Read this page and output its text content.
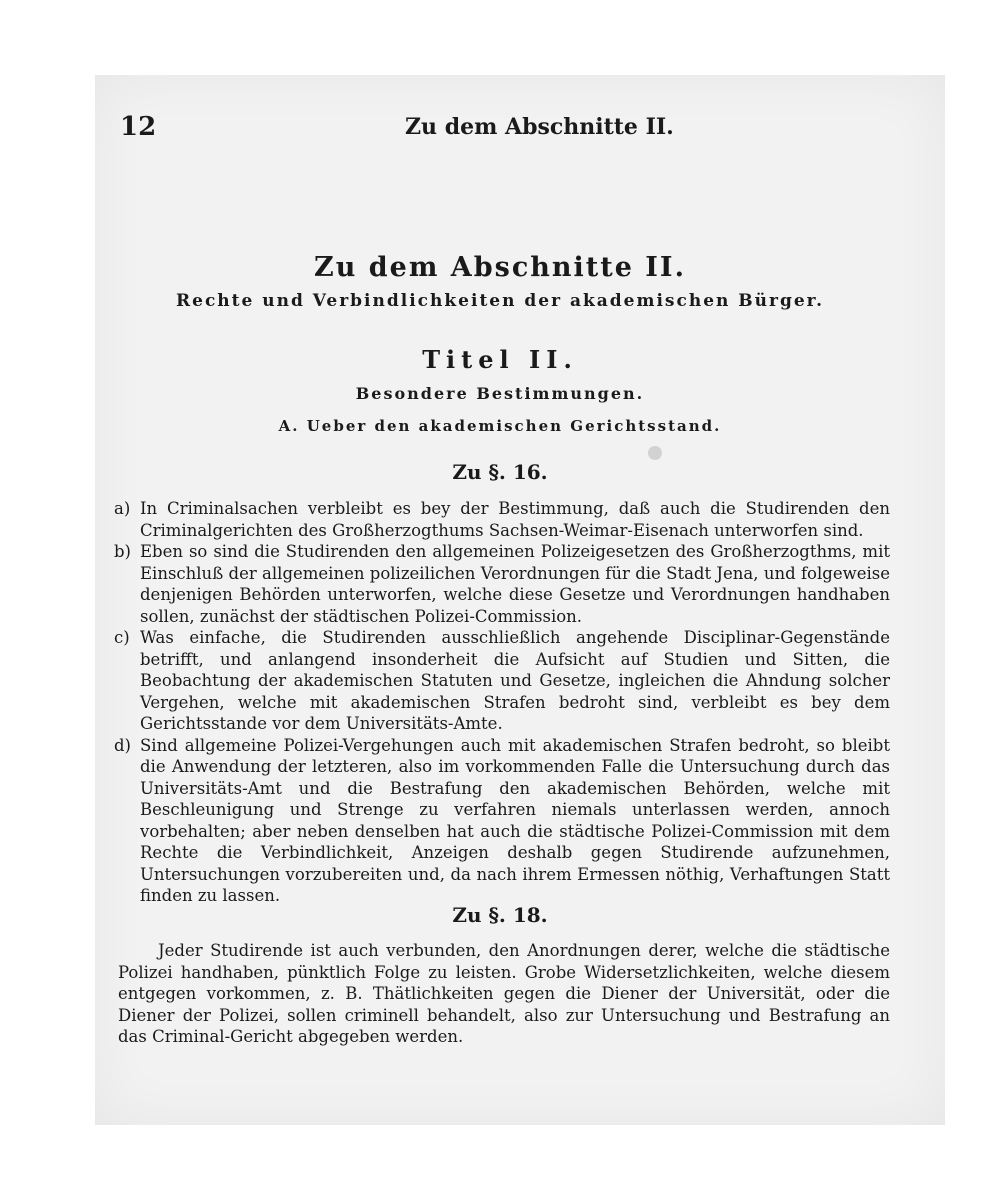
12	Zu dem Abschnitte II.
Zu dem Abschnitte II.
Rechte und Verbindlichkeiten der akademischen Bürger.
Titel II.
Besondere Bestimmungen.
A. Ueber den akademischen Gerichtsstand.
Zu §. 16.

a) In Criminalsachen verbleibt es bey der Bestimmung, daß auch die Studirenden den Criminalgerichten des Großherzogthums Sachsen-Weimar-Eisenach unterworfen sind.

b) Eben so sind die Studirenden den allgemeinen Polizeigesetzen des Großherzogthms, mit Einschluß der allgemeinen polizeilichen Verordnungen für die Stadt Jena, und folgeweise denjenigen Behörden unterworfen, welche diese Gesetze und Verordnungen handhaben sollen, zunächst der städtischen Polizei-Commission.

c) Was einfache, die Studirenden ausschließlich angehende Disciplinar-Gegenstände betrifft, und anlangend insonderheit die Aufsicht auf Studien und Sitten, die Beobachtung der akademischen Statuten und Gesetze, ingleichen die Ahndung solcher Vergehen, welche mit akademischen Strafen bedroht sind, verbleibt es bey dem Gerichtsstande vor dem Universitäts-Amte.

d) Sind allgemeine Polizei-Vergehungen auch mit akademischen Strafen bedroht, so bleibt die Anwendung der letzteren, also im vorkommenden Falle die Untersuchung durch das Universitäts-Amt und die Bestrafung den akademischen Behörden, welche mit Beschleunigung und Strenge zu verfahren niemals unterlassen werden, annoch vorbehalten; aber neben denselben hat auch die städtische Polizei-Commission mit dem Rechte die Verbindlichkeit, Anzeigen deshalb gegen Studirende aufzunehmen, Untersuchungen vorzubereiten und, da nach ihrem Ermessen nöthig, Verhaftungen Statt finden zu lassen.

Zu §. 18.

Jeder Studirende ist auch verbunden, den Anordnungen derer, welche die städtische Polizei handhaben, pünktlich Folge zu leisten. Grobe Widersetzlichkeiten, welche diesem entgegen vorkommen, z. B. Thätlichkeiten gegen die Diener der Universität, oder die Diener der Polizei, sollen criminell behandelt, also zur Untersuchung und Bestrafung an das Criminal-Gericht abgegeben werden.
